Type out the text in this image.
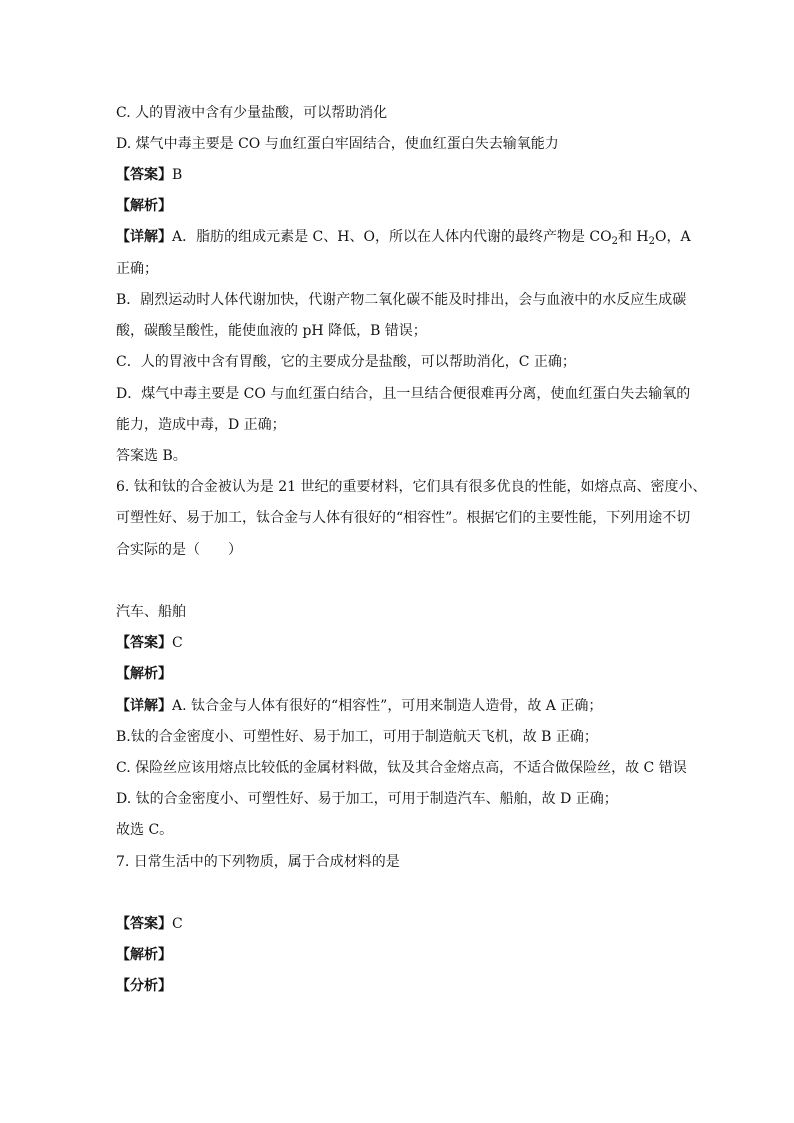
C. 人的胃液中含有少量盐酸，可以帮助消化
D. 煤气中毒主要是 CO 与血红蛋白牢固结合，使血红蛋白失去输氧能力
【答案】B
【解析】
【详解】A．脂肪的组成元素是 C、H、O，所以在人体内代谢的最终产物是 $CO_2$和 $H_2O$，A
正确；
B．剧烈运动时人体代谢加快，代谢产物二氧化碳不能及时排出，会与血液中的水反应生成碳
酸，碳酸呈酸性，能使血液的 pH 降低，B 错误；
C．人的胃液中含有胃酸，它的主要成分是盐酸，可以帮助消化，C 正确；
D．煤气中毒主要是 CO 与血红蛋白结合，且一旦结合便很难再分离，使血红蛋白失去输氧的
能力，造成中毒，D 正确；
答案选 B。
6. 钛和钛的合金被认为是 21 世纪的重要材料，它们具有很多优良的性能，如熔点高、密度小、
可塑性好、易于加工，钛合金与人体有很好的“相容性”。根据它们的主要性能，下列用途不切
合实际的是（　　）
汽车、船舶
【答案】C
【解析】
【详解】A. 钛合金与人体有很好的“相容性”，可用来制造人造骨，故 A 正确；
B.钛的合金密度小、可塑性好、易于加工，可用于制造航天飞机，故 B 正确；
C. 保险丝应该用熔点比较低的金属材料做，钛及其合金熔点高，不适合做保险丝，故 C 错误
D. 钛的合金密度小、可塑性好、易于加工，可用于制造汽车、船舶，故 D 正确；
故选 C。
7. 日常生活中的下列物质，属于合成材料的是
【答案】C
【解析】
【分析】
